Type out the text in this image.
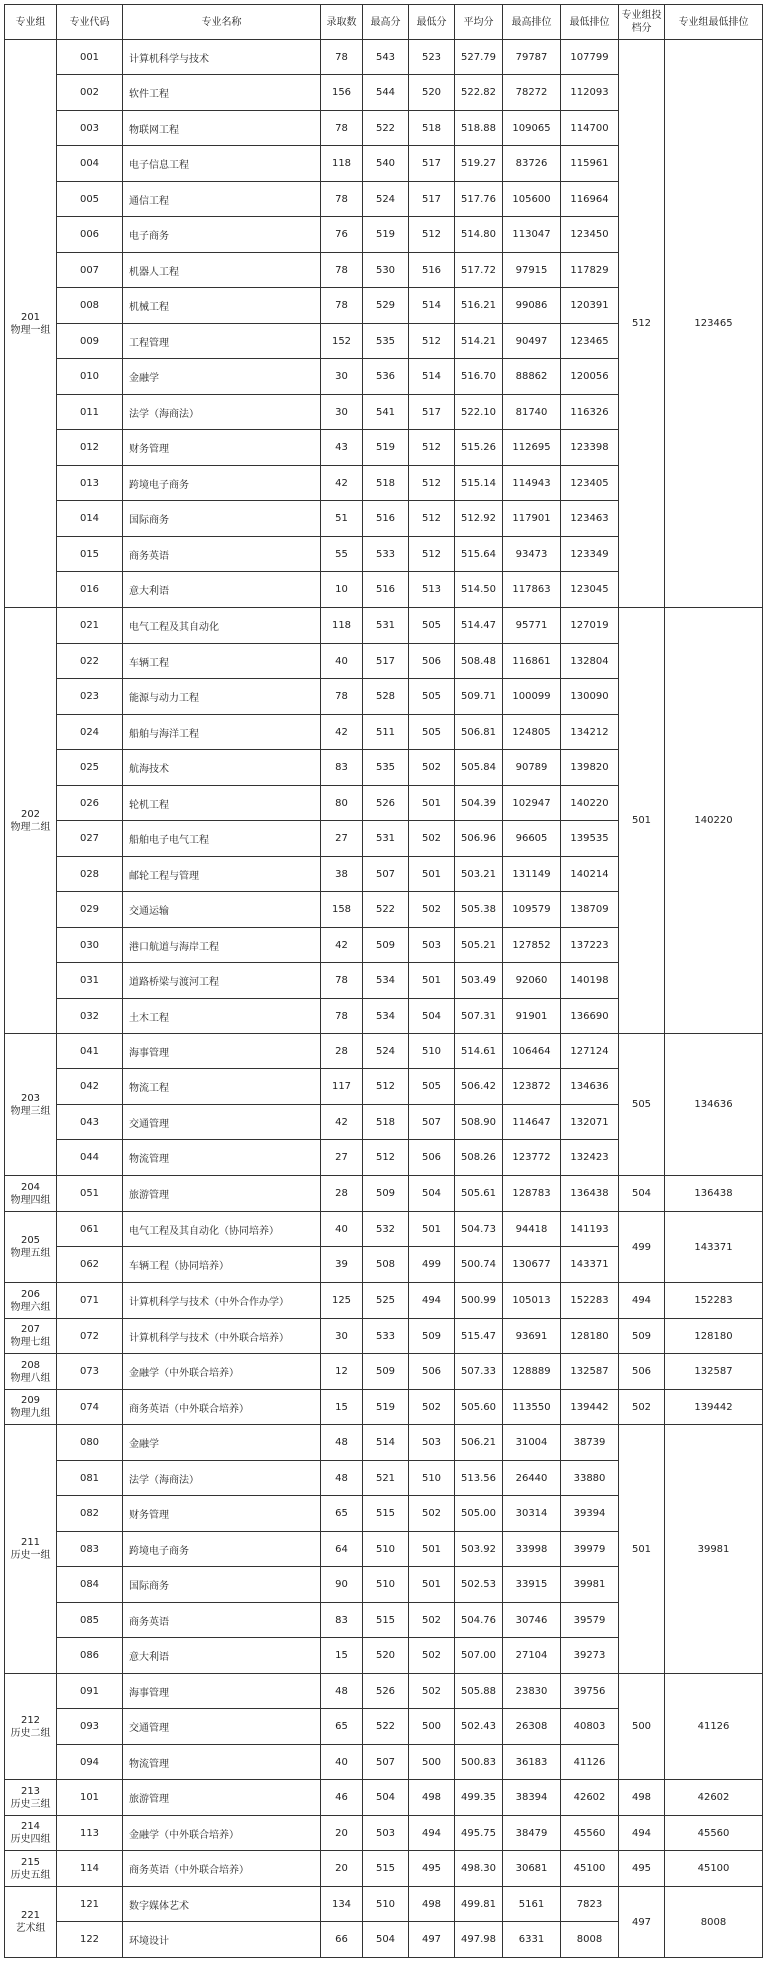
专业组	专业代码	专业名称	录取数	最高分	最低分	平均分	最高排位	最低排位	专业组投档分	专业组最低排位

201
物理一组	001	计算机科学与技术	78	543	523	527.79	79787	107799	512	123465
	002	软件工程	156	544	520	522.82	78272	112093		
	003	物联网工程	78	522	518	518.88	109065	114700		
	004	电子信息工程	118	540	517	519.27	83726	115961		
	005	通信工程	78	524	517	517.76	105600	116964		
	006	电子商务	76	519	512	514.80	113047	123450		
	007	机器人工程	78	530	516	517.72	97915	117829		
	008	机械工程	78	529	514	516.21	99086	120391		
	009	工程管理	152	535	512	514.21	90497	123465		
	010	金融学	30	536	514	516.70	88862	120056		
	011	法学（海商法）	30	541	517	522.10	81740	116326		
	012	财务管理	43	519	512	515.26	112695	123398		
	013	跨境电子商务	42	518	512	515.14	114943	123405		
	014	国际商务	51	516	512	512.92	117901	123463		
	015	商务英语	55	533	512	515.64	93473	123349		
	016	意大利语	10	516	513	514.50	117863	123045		

202
物理二组	021	电气工程及其自动化	118	531	505	514.47	95771	127019	501	140220
	022	车辆工程	40	517	506	508.48	116861	132804		
	023	能源与动力工程	78	528	505	509.71	100099	130090		
	024	船舶与海洋工程	42	511	505	506.81	124805	134212		
	025	航海技术	83	535	502	505.84	90789	139820		
	026	轮机工程	80	526	501	504.39	102947	140220		
	027	船舶电子电气工程	27	531	502	506.96	96605	139535		
	028	邮轮工程与管理	38	507	501	503.21	131149	140214		
	029	交通运输	158	522	502	505.38	109579	138709		
	030	港口航道与海岸工程	42	509	503	505.21	127852	137223		
	031	道路桥梁与渡河工程	78	534	501	503.49	92060	140198		
	032	土木工程	78	534	504	507.31	91901	136690		

203
物理三组	041	海事管理	28	524	510	514.61	106464	127124	505	134636
	042	物流工程	117	512	505	506.42	123872	134636		
	043	交通管理	42	518	507	508.90	114647	132071		
	044	物流管理	27	512	506	508.26	123772	132423		

204
物理四组	051	旅游管理	28	509	504	505.61	128783	136438	504	136438

205
物理五组	061	电气工程及其自动化（协同培养）	40	532	501	504.73	94418	141193	499	143371
	062	车辆工程（协同培养）	39	508	499	500.74	130677	143371		

206
物理六组	071	计算机科学与技术（中外合作办学）	125	525	494	500.99	105013	152283	494	152283

207
物理七组	072	计算机科学与技术（中外联合培养）	30	533	509	515.47	93691	128180	509	128180

208
物理八组	073	金融学（中外联合培养）	12	509	506	507.33	128889	132587	506	132587

209
物理九组	074	商务英语（中外联合培养）	15	519	502	505.60	113550	139442	502	139442

211
历史一组	080	金融学	48	514	503	506.21	31004	38739	501	39981
	081	法学（海商法）	48	521	510	513.56	26440	33880		
	082	财务管理	65	515	502	505.00	30314	39394		
	083	跨境电子商务	64	510	501	503.92	33998	39979		
	084	国际商务	90	510	501	502.53	33915	39981		
	085	商务英语	83	515	502	504.76	30746	39579		
	086	意大利语	15	520	502	507.00	27104	39273		

212
历史二组	091	海事管理	48	526	502	505.88	23830	39756	500	41126
	093	交通管理	65	522	500	502.43	26308	40803		
	094	物流管理	40	507	500	500.83	36183	41126		

213
历史三组	101	旅游管理	46	504	498	499.35	38394	42602	498	42602

214
历史四组	113	金融学（中外联合培养）	20	503	494	495.75	38479	45560	494	45560

215
历史五组	114	商务英语（中外联合培养）	20	515	495	498.30	30681	45100	495	45100

221
艺术组	121	数字媒体艺术	134	510	498	499.81	5161	7823	497	8008
	122	环境设计	66	504	497	497.98	6331	8008		
